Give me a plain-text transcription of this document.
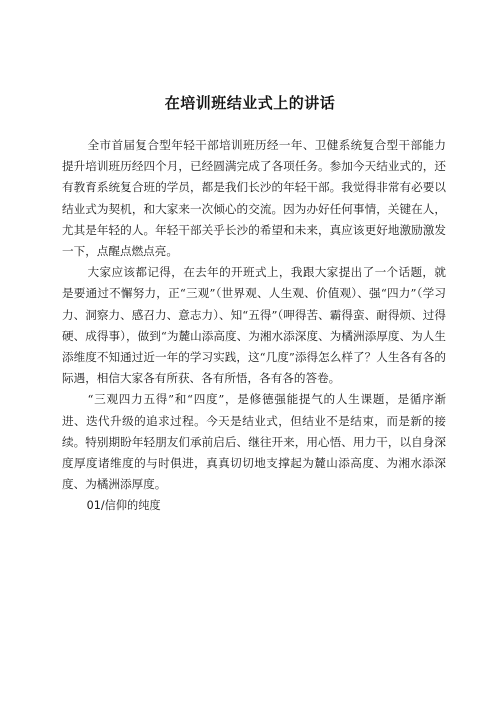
在培训班结业式上的讲话

全市首届复合型年轻干部培训班历经一年、卫健系统复合型干部能力提升培训班历经四个月，已经圆满完成了各项任务。参加今天结业式的，还有教育系统复合班的学员，都是我们长沙的年轻干部。我觉得非常有必要以结业式为契机，和大家来一次倾心的交流。因为办好任何事情，关键在人，尤其是年轻的人。年轻干部关乎长沙的希望和未来，真应该更好地激励激发一下，点醒点燃点亮。

大家应该都记得，在去年的开班式上，我跟大家提出了一个话题，就是要通过不懈努力，正“三观”（世界观、人生观、价值观）、强“四力”（学习力、洞察力、感召力、意志力）、知“五得”（呷得苦、霸得蛮、耐得烦、过得硬、成得事），做到“为麓山添高度、为湘水添深度、为橘洲添厚度、为人生添维度不知通过近一年的学习实践，这“几度”添得怎么样了？人生各有各的际遇，相信大家各有所获、各有所悟，各有各的答卷。

“三观四力五得”和“四度”，是修德强能提气的人生课题，是循序渐进、迭代升级的追求过程。今天是结业式，但结业不是结束，而是新的接续。特别期盼年轻朋友们承前启后、继往开来，用心悟、用力干，以自身深度厚度诸维度的与时俱进，真真切切地支撑起为麓山添高度、为湘水添深度、为橘洲添厚度。

01/信仰的纯度
